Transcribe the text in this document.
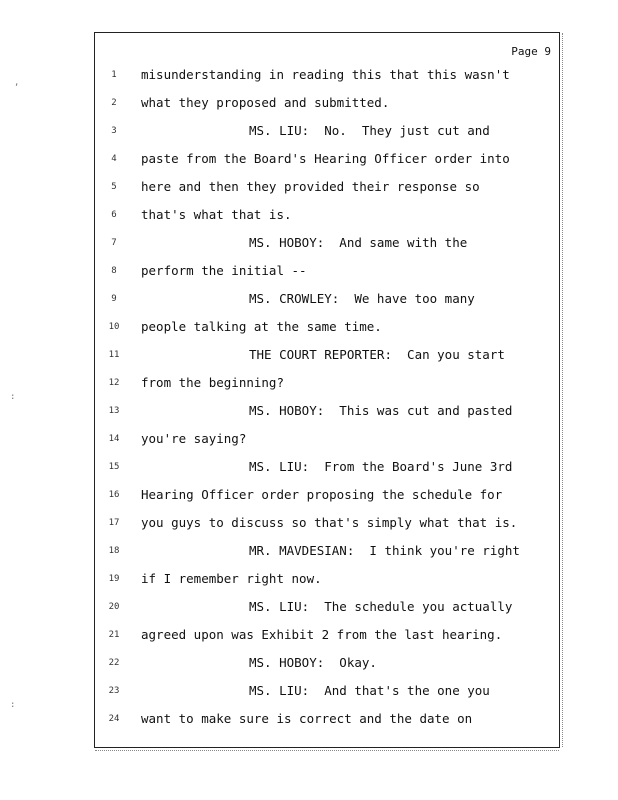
Page 9
1	misunderstanding in reading this that this wasn't
2	what they proposed and submitted.
3	MS. LIU:  No.  They just cut and
4	paste from the Board's Hearing Officer order into
5	here and then they provided their response so
6	that's what that is.
7	MS. HOBOY:  And same with the
8	perform the initial --
9	MS. CROWLEY:  We have too many
10	people talking at the same time.
11	THE COURT REPORTER:  Can you start
12	from the beginning?
13	MS. HOBOY:  This was cut and pasted
14	you're saying?
15	MS. LIU:  From the Board's June 3rd
16	Hearing Officer order proposing the schedule for
17	you guys to discuss so that's simply what that is.
18	MR. MAVDESIAN:  I think you're right
19	if I remember right now.
20	MS. LIU:  The schedule you actually
21	agreed upon was Exhibit 2 from the last hearing.
22	MS. HOBOY:  Okay.
23	MS. LIU:  And that's the one you
24	want to make sure is correct and the date on
,
:
:
